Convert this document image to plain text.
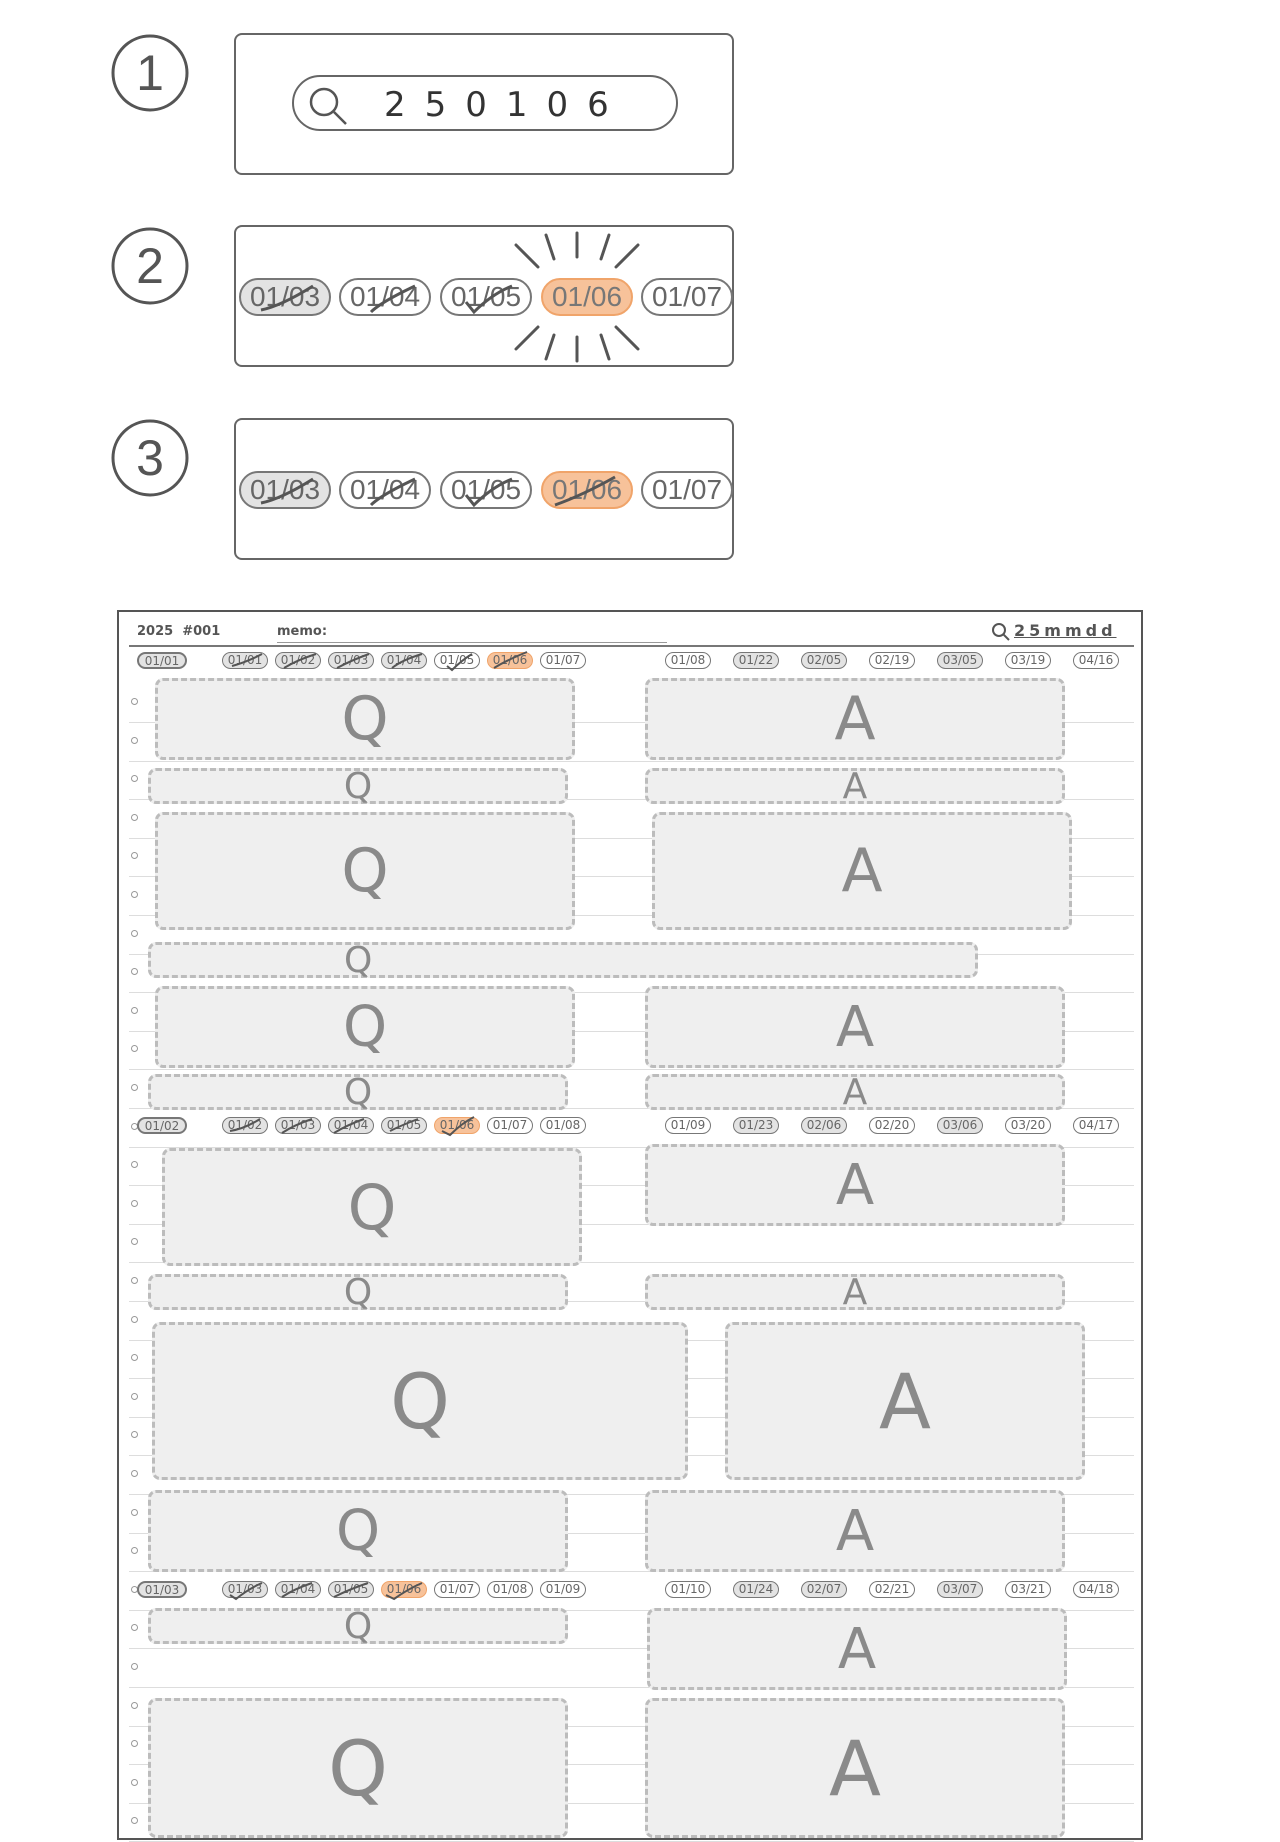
1
2
3
250106
01/03	01/04	01/05	01/06	01/07
01/03	01/04	01/05	01/06	01/07
2025  #001	memo:	25mmdd
01/01	01/01	01/02	01/03	01/04	01/05	01/06	01/07	01/08	01/22	02/05	02/19	03/05	03/19	04/16
Q	A
Q	A
Q	A
Q
Q	A
Q	A
01/02	01/02	01/03	01/04	01/05	01/06	01/07	01/08	01/09	01/23	02/06	02/20	03/06	03/20	04/17
Q	A
Q	A
Q	A
Q	A
01/03	01/03	01/04	01/05	01/06	01/07	01/08	01/09	01/10	01/24	02/07	02/21	03/07	03/21	04/18
Q	A
Q	A
